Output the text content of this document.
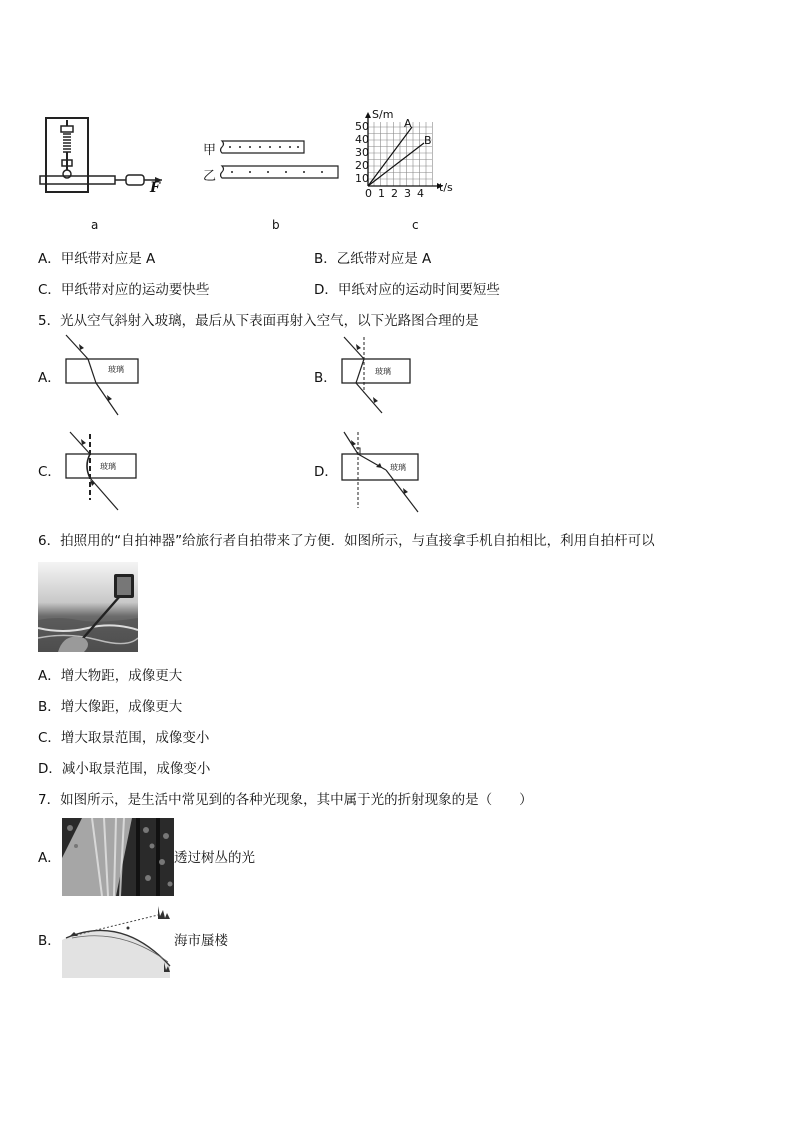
F
a
甲
乙
b
S/m
t/s
A
B
50
40
30
20
10
0 1 2 3 4
c
A．甲纸带对应是 A	B．乙纸带对应是 A
C．甲纸带对应的运动要快些	D．甲纸对应的运动时间要短些
5．光从空气斜射入玻璃，最后从下表面再射入空气，以下光路图合理的是
A．
玻璃
B．	玻璃
C．	玻璃	D．	玻璃
6．拍照用的“自拍神器”给旅行者自拍带来了方便．如图所示，与直接拿手机自拍相比，利用自拍杆可以
A．增大物距，成像更大
B．增大像距，成像更大
C．增大取景范围，成像变小
D．减小取景范围，成像变小
7．如图所示，是生活中常见到的各种光现象，其中属于光的折射现象的是（　　）
A．	透过树丛的光
B．	海市蜃楼
